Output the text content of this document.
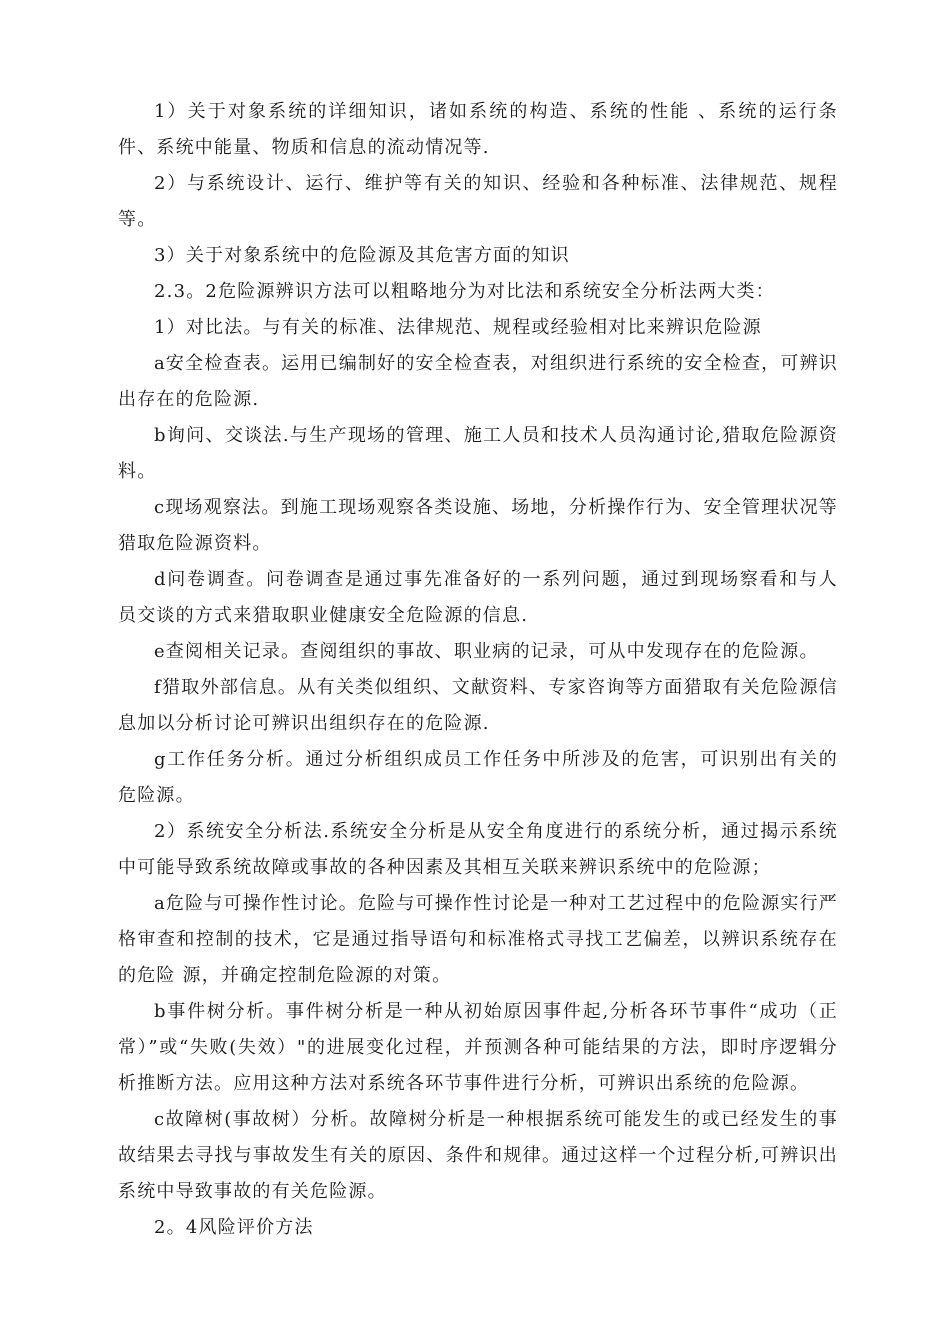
1）关于对象系统的详细知识，诸如系统的构造、系统的性能 、系统的运行条件、系统中能量、物质和信息的流动情况等.

2）与系统设计、运行、维护等有关的知识、经验和各种标准、法律规范、规程等。

3）关于对象系统中的危险源及其危害方面的知识

2.3。2危险源辨识方法可以粗略地分为对比法和系统安全分析法两大类：

1）对比法。与有关的标准、法律规范、规程或经验相对比来辨识危险源

a安全检查表。运用已编制好的安全检查表，对组织进行系统的安全检查，可辨识出存在的危险源.

b询问、交谈法.与生产现场的管理、施工人员和技术人员沟通讨论,猎取危险源资料。

c现场观察法。到施工现场观察各类设施、场地，分析操作行为、安全管理状况等猎取危险源资料。

d问卷调查。问卷调查是通过事先准备好的一系列问题，通过到现场察看和与人员交谈的方式来猎取职业健康安全危险源的信息.

e查阅相关记录。查阅组织的事故、职业病的记录，可从中发现存在的危险源。

f猎取外部信息。从有关类似组织、文献资料、专家咨询等方面猎取有关危险源信息加以分析讨论可辨识出组织存在的危险源.

g工作任务分析。通过分析组织成员工作任务中所涉及的危害，可识别出有关的危险源。

2）系统安全分析法.系统安全分析是从安全角度进行的系统分析，通过揭示系统中可能导致系统故障或事故的各种因素及其相互关联来辨识系统中的危险源；

a危险与可操作性讨论。危险与可操作性讨论是一种对工艺过程中的危险源实行严格审查和控制的技术，它是通过指导语句和标准格式寻找工艺偏差，以辨识系统存在的危险 源，并确定控制危险源的对策。

b事件树分析。事件树分析是一种从初始原因事件起,分析各环节事件“成功（正常）”或“失败(失效）"的进展变化过程，并预测各种可能结果的方法，即时序逻辑分析推断方法。应用这种方法对系统各环节事件进行分析，可辨识出系统的危险源。

c故障树(事故树）分析。故障树分析是一种根据系统可能发生的或已经发生的事故结果去寻找与事故发生有关的原因、条件和规律。通过这样一个过程分析,可辨识出系统中导致事故的有关危险源。

2。4风险评价方法
